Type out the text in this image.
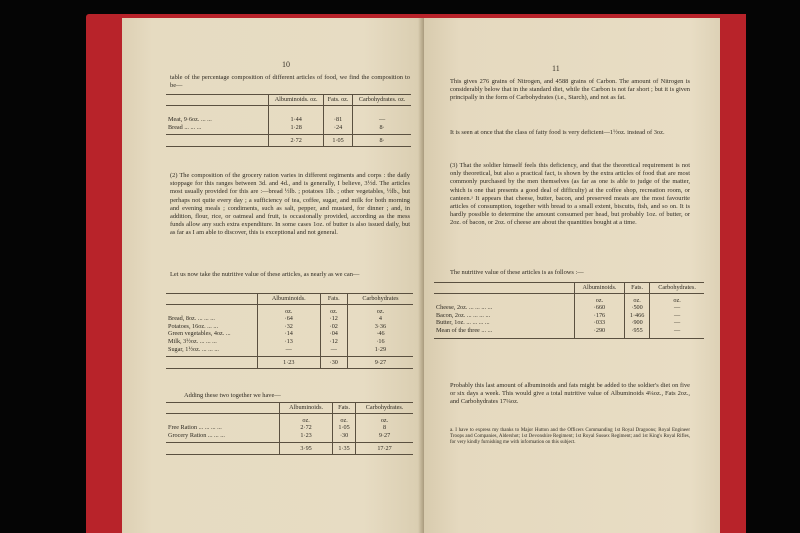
10
table of the percentage composition of different articles of food, we find the composition to be—
	Albuminoids. oz.	Fats. oz.	Carbohydrates. oz.

Meat, 9·6oz. ... ...	1·44	·81	—
Bread ... ... ...	1·28	·24	8·
	2·72	1·05	8·
(2) The composition of the grocery ration varies in different regiments and corps : the daily stoppage for this ranges between 3d. and 4d., and is generally, I believe, 3½d. The articles most usually provided for this are :—bread ½lb. ; potatoes 1lb. ; other vegetables, ½lb., but perhaps not quite every day ; a sufficiency of tea, coffee, sugar, and milk for both morning and evening meals ; condiments, such as salt, pepper, and mustard, for dinner ; and, in addition, flour, rice, or oatmeal and fruit, is occasionally provided, according as the mess funds allow any such extra expenditure. In some cases 1oz. of butter is also issued daily, but as far as I am able to discover, this is exceptional and not general.
Let us now take the nutritive value of these articles, as nearly as we can—
	Albuminoids.	Fats.	Carbohydrates
	oz.	oz.	oz.
Bread, 8oz. ... ... ...	·64	·12	4
Potatoes, 16oz. ... ...	·32	·02	3·36
Green vegetables, 4oz. ...	·14	·04	·46
Milk, 3½oz. ... ... ...	·13	·12	·16
Sugar, 1½oz. ... ... ...	—	—	1·29
	1·23	·30	9·27
Adding these two together we have—
	Albuminoids.	Fats.	Carbohydrates.
	oz.	oz.	oz.
Free Ration ... ... ... ...	2·72	1·05	8
Grocery Ration ... ... ...	1·23	·30	9·27
	3·95	1·35	17·27
11
This gives 276 grains of Nitrogen, and 4588 grains of Carbon. The amount of Nitrogen is considerably below that in the standard diet, while the Carbon is not far short ; but it is given principally in the form of Carbohydrates (i.e., Starch), and not as fat.
It is seen at once that the class of fatty food is very deficient—1½oz. instead of 3oz.
(3) That the soldier himself feels this deficiency, and that the theoretical requirement is not only theoretical, but also a practical fact, is shown by the extra articles of food that are most commonly purchased by the men themselves (as far as one is able to judge of the matter, which is one that presents a good deal of difficulty) at the coffee shop, recreation room, or canteen.ᵃ It appears that cheese, butter, bacon, and preserved meats are the most favourite articles of consumption, together with bread to a small extent, biscuits, fish, and so on. It is hardly possible to determine the amount consumed per head, but probably 1oz. of butter, or 2oz. of bacon, or 2oz. of cheese are about the quantities bought at a time.
The nutritive value of these articles is as follows :—
	Albuminoids.	Fats.	Carbohydrates.
	oz.	oz.	oz.
Cheese, 2oz. ... ... ... ...	·660	·500	—
Bacon, 2oz. ... ... ... ...	·176	1·466	—
Butter, 1oz. ... ... ... ...	·033	·900	—
Mean of the three ... ...	·290	·955	—
Probably this last amount of albuminoids and fats might be added to the soldier's diet on five or six days a week. This would give a total nutritive value of Albuminoids 4¼oz., Fats 2oz., and Carbohydrates 17¼oz.
a. I have to express my thanks to Major Hutton and the Officers Commanding 1st Royal Dragoons; Royal Engineer Troops and Companies, Aldershot; 1st Devonshire Regiment; 1st Royal Sussex Regiment; and 1st King's Royal Rifles, for very kindly furnishing me with information on this subject.
